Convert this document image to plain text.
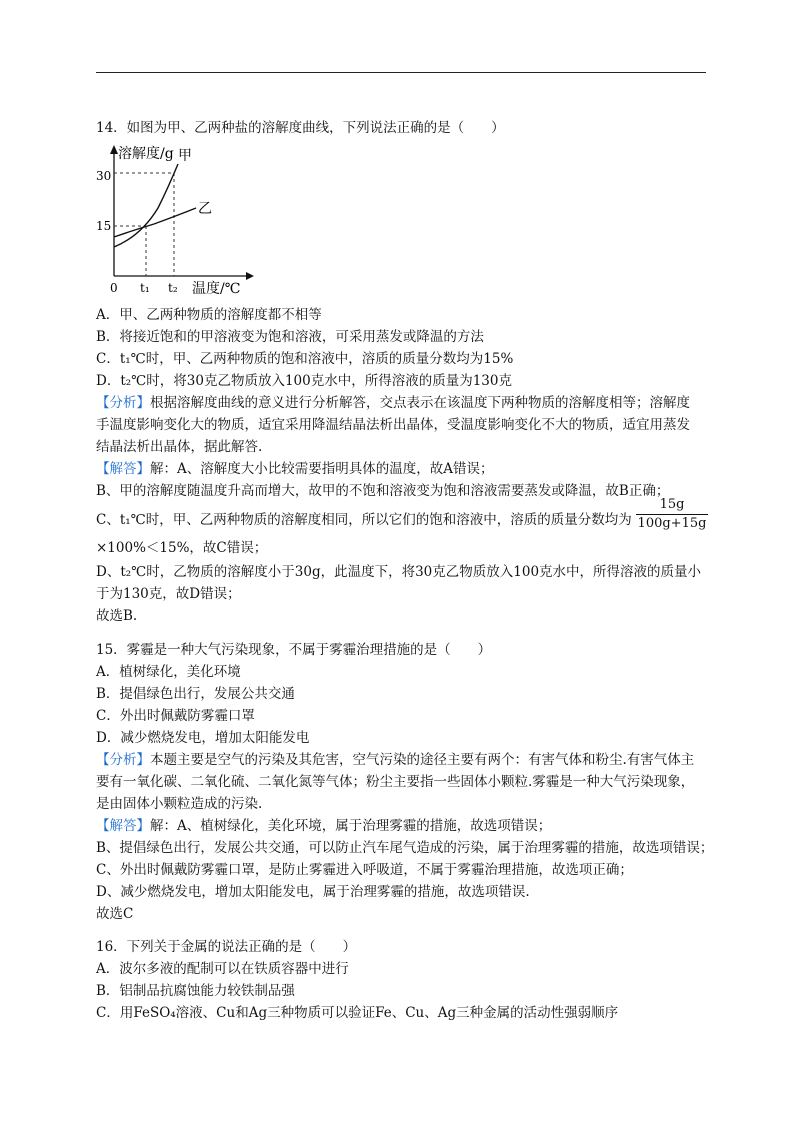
14．如图为甲、乙两种盐的溶解度曲线，下列说法正确的是（　　）
溶解度/g 甲
乙
30
15
0 t₁ t₂ 温度/℃
A．甲、乙两种物质的溶解度都不相等
B．将接近饱和的甲溶液变为饱和溶液，可采用蒸发或降温的方法
C．t₁℃时，甲、乙两种物质的饱和溶液中，溶质的质量分数均为15%
D．t₂℃时，将30克乙物质放入100克水中，所得溶液的质量为130克
【分析】根据溶解度曲线的意义进行分析解答，交点表示在该温度下两种物质的溶解度相等；溶解度
手温度影响变化大的物质，适宜采用降温结晶法析出晶体，受温度影响变化不大的物质，适宜用蒸发
结晶法析出晶体，据此解答.
【解答】解：A、溶解度大小比较需要指明具体的温度，故A错误；
B、甲的溶解度随温度升高而增大，故甲的不饱和溶液变为饱和溶液需要蒸发或降温，故B正确；
C、t₁℃时，甲、乙两种物质的溶解度相同，所以它们的饱和溶液中，溶质的质量分数均为
15g
100g+15g
×100%＜15%，故C错误；
D、t₂℃时，乙物质的溶解度小于30g，此温度下，将30克乙物质放入100克水中，所得溶液的质量小
于为130克，故D错误；
故选B.
15．雾霾是一种大气污染现象，不属于雾霾治理措施的是（　　）
A．植树绿化，美化环境
B．提倡绿色出行，发展公共交通
C．外出时佩戴防雾霾口罩
D．减少燃烧发电，增加太阳能发电
【分析】本题主要是空气的污染及其危害，空气污染的途径主要有两个：有害气体和粉尘.有害气体主
要有一氧化碳、二氧化硫、二氧化氮等气体；粉尘主要指一些固体小颗粒.雾霾是一种大气污染现象，
是由固体小颗粒造成的污染.
【解答】解：A、植树绿化，美化环境，属于治理雾霾的措施，故选项错误；
B、提倡绿色出行，发展公共交通，可以防止汽车尾气造成的污染，属于治理雾霾的措施，故选项错误；
C、外出时佩戴防雾霾口罩，是防止雾霾进入呼吸道，不属于雾霾治理措施，故选项正确；
D、减少燃烧发电，增加太阳能发电，属于治理雾霾的措施，故选项错误.
故选C
16．下列关于金属的说法正确的是（　　）
A．波尔多液的配制可以在铁质容器中进行
B．铝制品抗腐蚀能力较铁制品强
C．用FeSO₄溶液、Cu和Ag三种物质可以验证Fe、Cu、Ag三种金属的活动性强弱顺序
